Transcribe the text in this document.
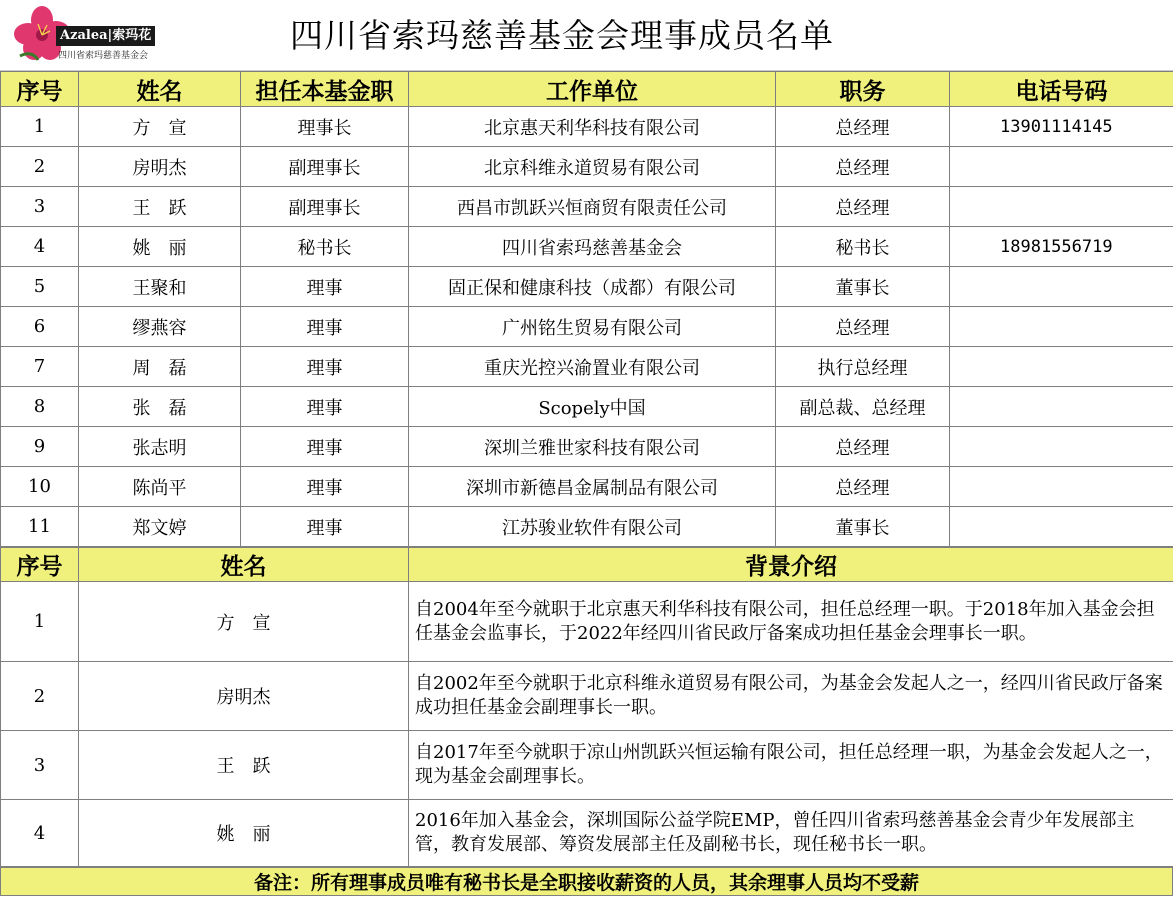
Azalea|索玛花
四川省索玛慈善基金会
四川省索玛慈善基金会理事成员名单
序号	姓名	担任本基金职	工作单位	职务	电话号码
1	方　宣	理事长	北京惠天利华科技有限公司	总经理	13901114145
2	房明杰	副理事长	北京科维永道贸易有限公司	总经理	
3	王　跃	副理事长	西昌市凯跃兴恒商贸有限责任公司	总经理	
4	姚　丽	秘书长	四川省索玛慈善基金会	秘书长	18981556719
5	王聚和	理事	固正保和健康科技（成都）有限公司	董事长	
6	缪燕容	理事	广州铭生贸易有限公司	总经理	
7	周　磊	理事	重庆光控兴渝置业有限公司	执行总经理	
8	张　磊	理事	Scopely中国	副总裁、总经理	
9	张志明	理事	深圳兰雅世家科技有限公司	总经理	
10	陈尚平	理事	深圳市新德昌金属制品有限公司	总经理	
11	郑文婷	理事	江苏骏业软件有限公司	董事长	
序号	姓名	背景介绍
1	方　宣	自2004年至今就职于北京惠天利华科技有限公司，担任总经理一职。于2018年加入基金会担任基金会监事长，于2022年经四川省民政厅备案成功担任基金会理事长一职。
2	房明杰	自2002年至今就职于北京科维永道贸易有限公司，为基金会发起人之一，经四川省民政厅备案成功担任基金会副理事长一职。
3	王　跃	自2017年至今就职于凉山州凯跃兴恒运输有限公司，担任总经理一职，为基金会发起人之一，现为基金会副理事长。
4	姚　丽	2016年加入基金会，深圳国际公益学院EMP，曾任四川省索玛慈善基金会青少年发展部主管，教育发展部、筹资发展部主任及副秘书长，现任秘书长一职。
备注：所有理事成员唯有秘书长是全职接收薪资的人员，其余理事人员均不受薪
